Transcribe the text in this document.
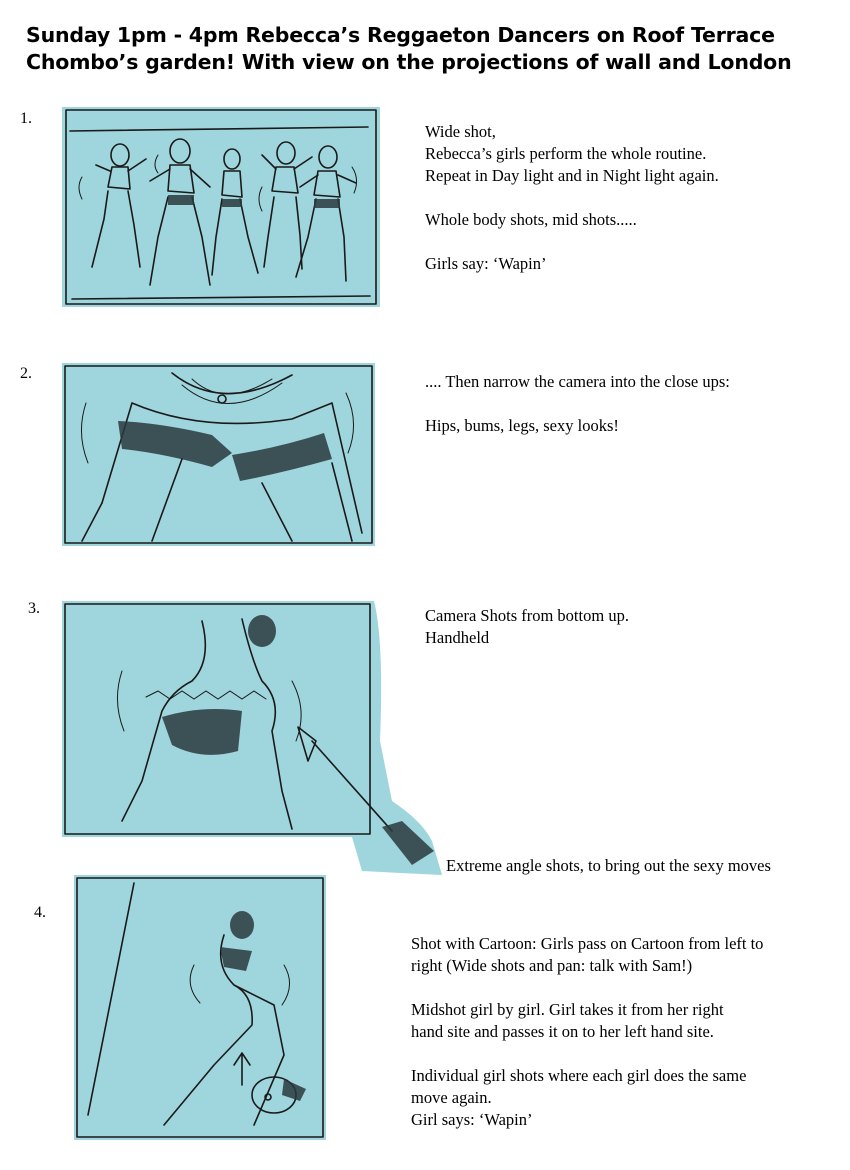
Sunday 1pm - 4pm Rebecca’s Reggaeton Dancers on Roof Terrace
Chombo’s garden! With view on the projections of wall and London
1.

Wide shot,

Rebecca’s girls perform the whole routine.

Repeat in Day light and in Night light again.

Whole body shots, mid shots.....

Girls say: ‘Wapin’

2.	.... Then narrow the camera into the close ups:

Hips, bums, legs, sexy looks!

3.	Camera Shots from bottom up.

Handheld

Extreme angle shots, to bring out the sexy moves
4.

Shot with Cartoon: Girls pass on Cartoon from left to

right (Wide shots and pan: talk with Sam!)

Midshot girl by girl. Girl takes it from her right

hand site and passes it on to her left hand site.

Individual girl shots where each girl does the same

move again.

Girl says: ‘Wapin’
